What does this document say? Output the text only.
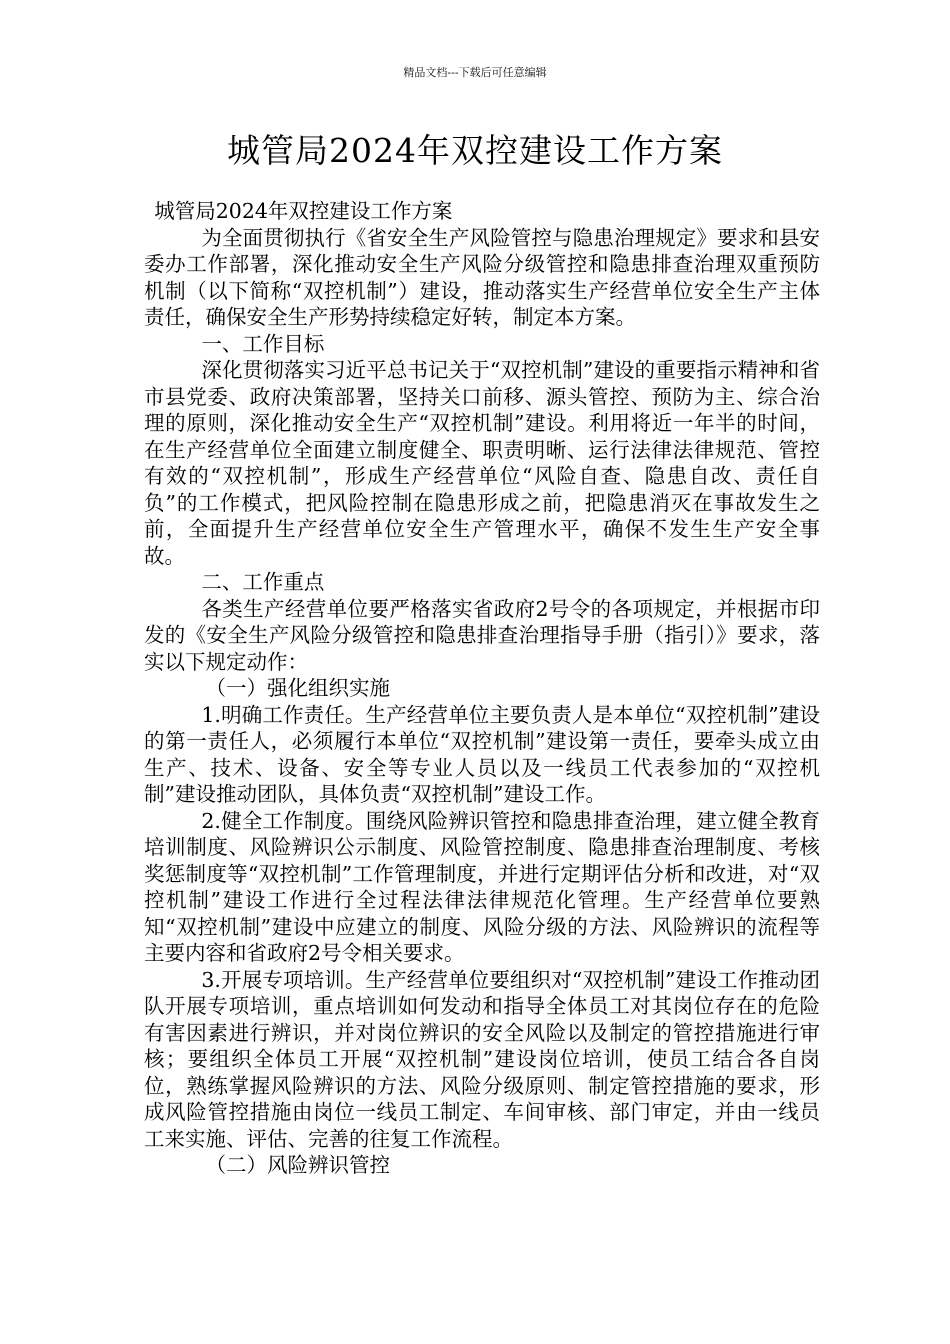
精品文档---下载后可任意编辑
城管局2024年双控建设工作方案

城管局2024年双控建设工作方案

为全面贯彻执行《省安全生产风险管控与隐患治理规定》要求和县安委办工作部署，深化推动安全生产风险分级管控和隐患排查治理双重预防机制（以下简称“双控机制”）建设，推动落实生产经营单位安全生产主体责任，确保安全生产形势持续稳定好转，制定本方案。

一、工作目标

深化贯彻落实习近平总书记关于“双控机制”建设的重要指示精神和省市县党委、政府决策部署，坚持关口前移、源头管控、预防为主、综合治理的原则，深化推动安全生产“双控机制”建设。利用将近一年半的时间，在生产经营单位全面建立制度健全、职责明晰、运行法律法律规范、管控有效的“双控机制”，形成生产经营单位“风险自查、隐患自改、责任自负”的工作模式，把风险控制在隐患形成之前，把隐患消灭在事故发生之前，全面提升生产经营单位安全生产管理水平，确保不发生生产安全事故。

二、工作重点

各类生产经营单位要严格落实省政府2号令的各项规定，并根据市印发的《安全生产风险分级管控和隐患排查治理指导手册（指引）》要求，落实以下规定动作：

（一）强化组织实施

1.明确工作责任。生产经营单位主要负责人是本单位“双控机制”建设的第一责任人，必须履行本单位“双控机制”建设第一责任，要牵头成立由生产、技术、设备、安全等专业人员以及一线员工代表参加的“双控机制”建设推动团队，具体负责“双控机制”建设工作。

2.健全工作制度。围绕风险辨识管控和隐患排查治理，建立健全教育培训制度、风险辨识公示制度、风险管控制度、隐患排查治理制度、考核奖惩制度等“双控机制”工作管理制度，并进行定期评估分析和改进，对“双控机制”建设工作进行全过程法律法律规范化管理。生产经营单位要熟知“双控机制”建设中应建立的制度、风险分级的方法、风险辨识的流程等主要内容和省政府2号令相关要求。

3.开展专项培训。生产经营单位要组织对“双控机制”建设工作推动团队开展专项培训，重点培训如何发动和指导全体员工对其岗位存在的危险有害因素进行辨识，并对岗位辨识的安全风险以及制定的管控措施进行审核；要组织全体员工开展“双控机制”建设岗位培训，使员工结合各自岗位，熟练掌握风险辨识的方法、风险分级原则、制定管控措施的要求，形成风险管控措施由岗位一线员工制定、车间审核、部门审定，并由一线员工来实施、评估、完善的往复工作流程。

（二）风险辨识管控
